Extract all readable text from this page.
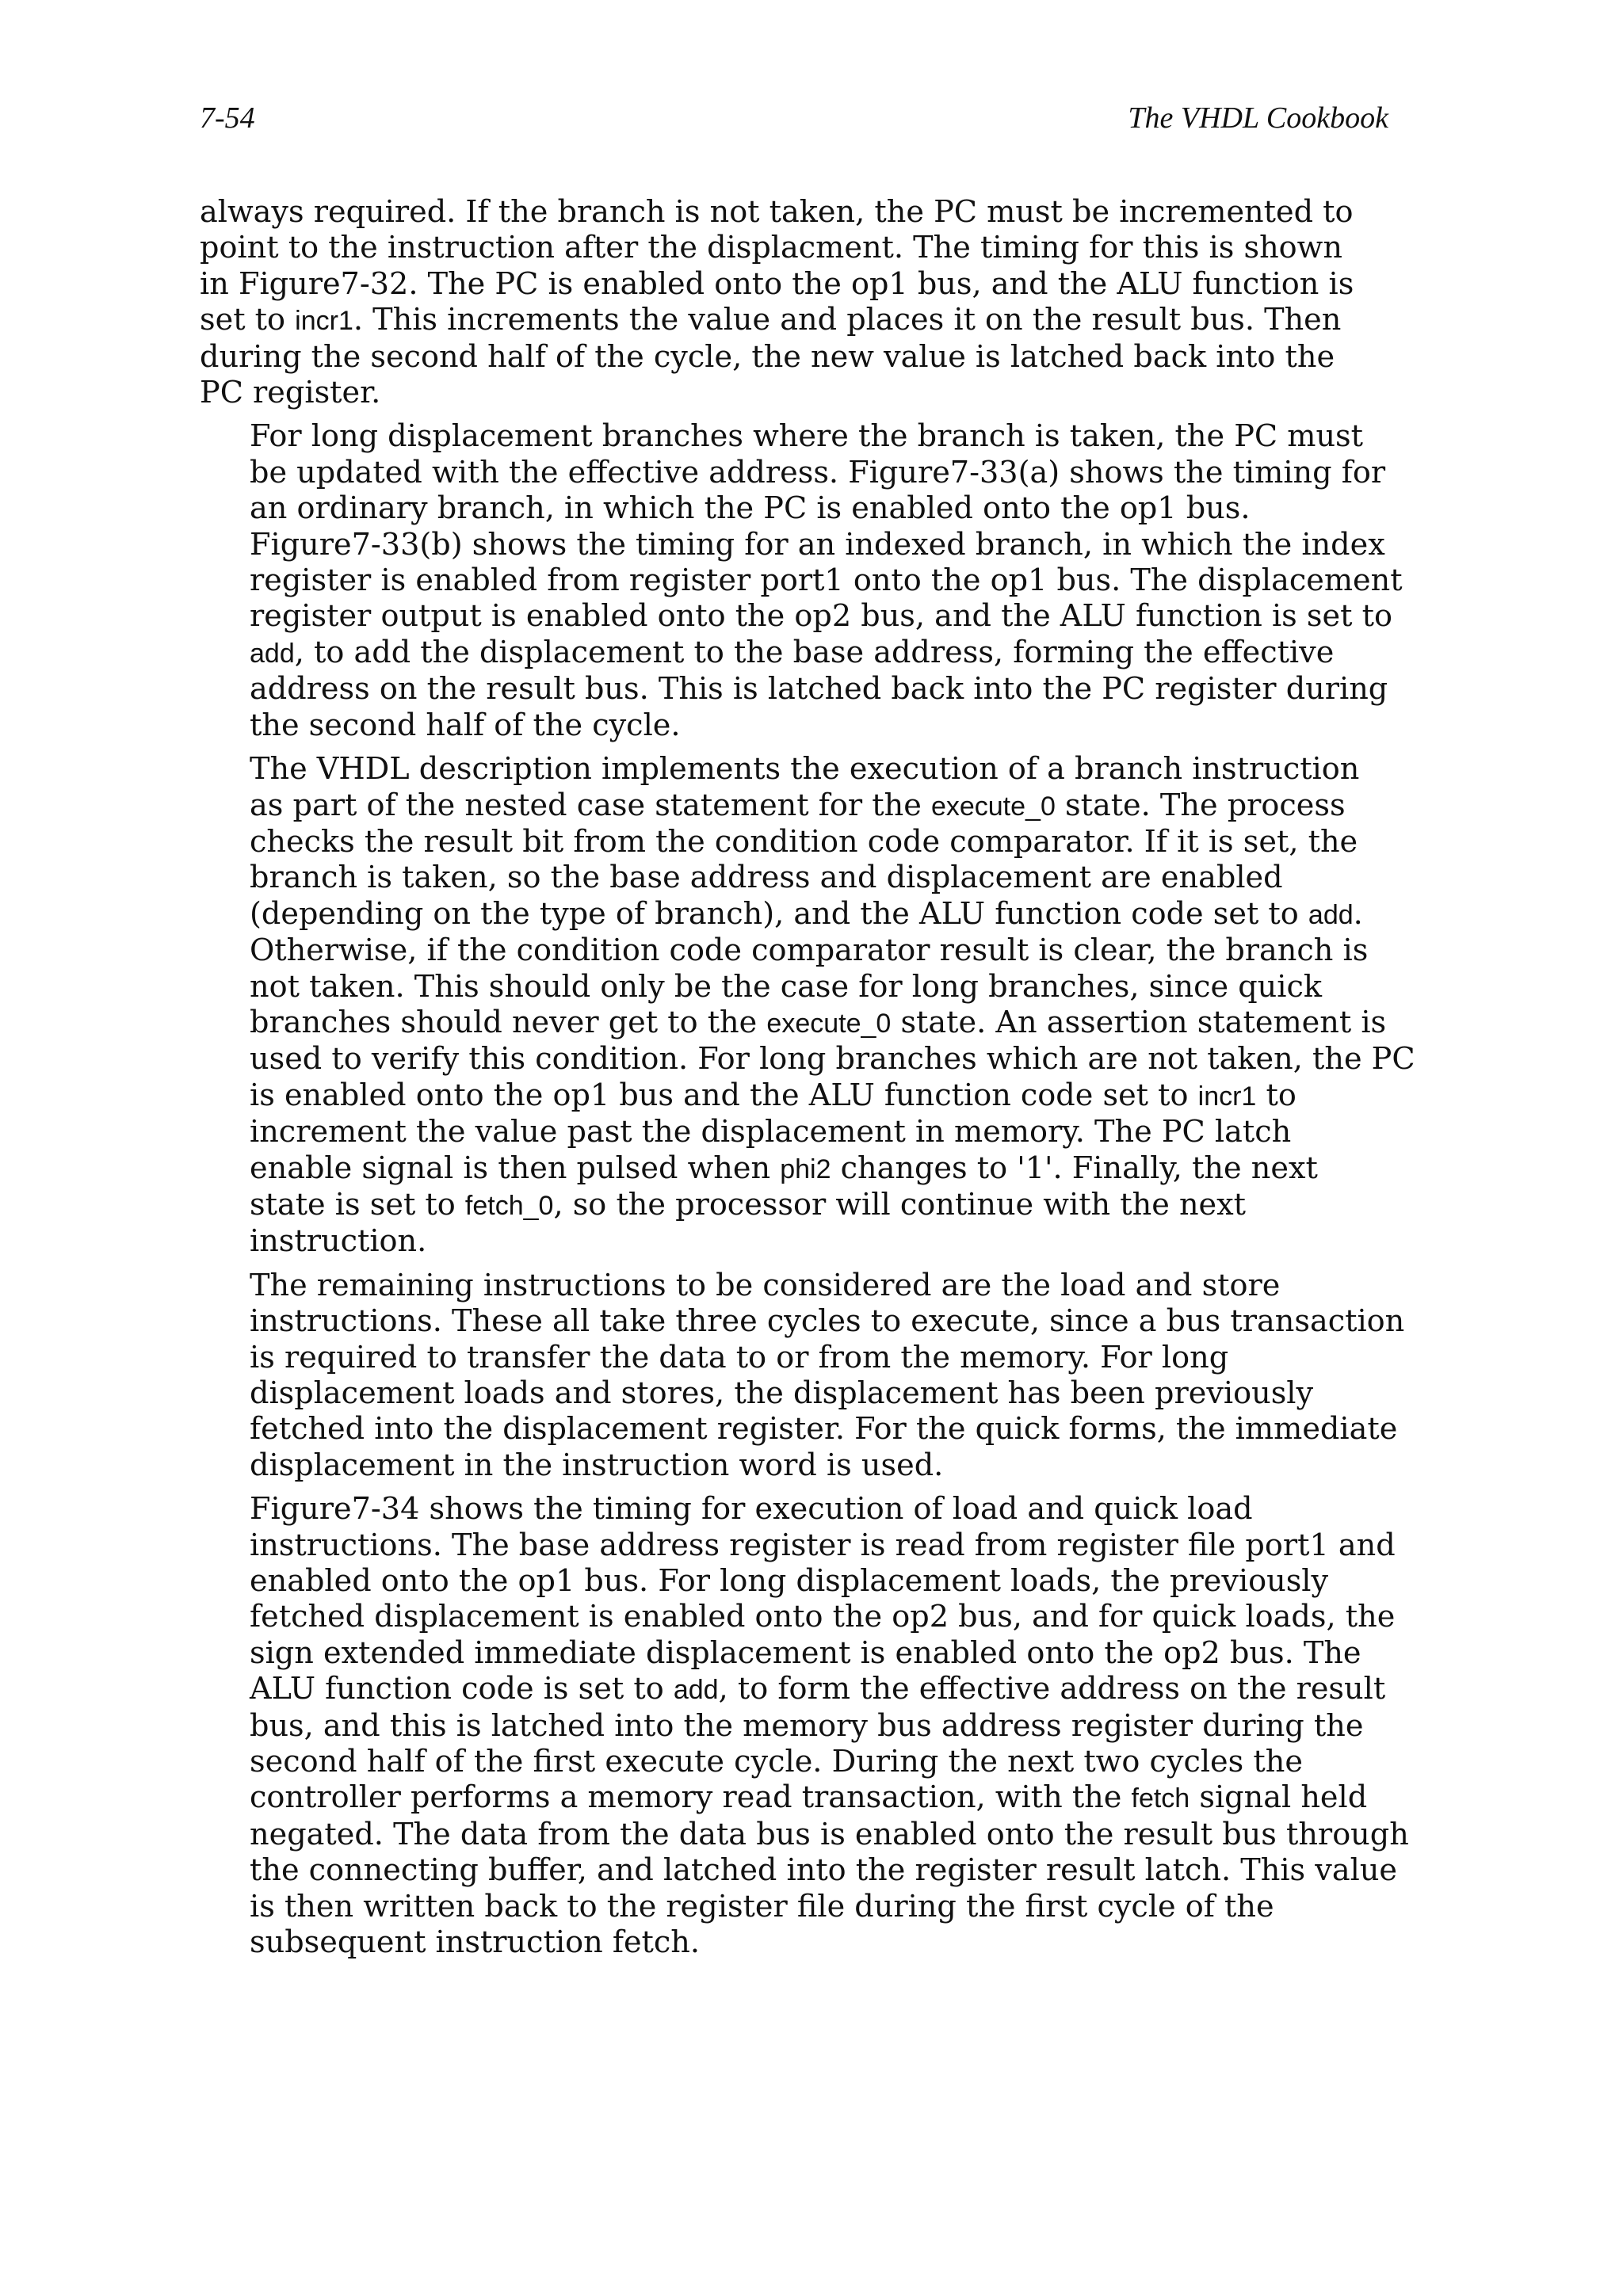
7-54	The VHDL Cookbook

always required. If the branch is not taken, the PC must be incremented to
point to the instruction after the displacment. The timing for this is shown
in Figure7-32. The PC is enabled onto the op1 bus, and the ALU function is
set to incr1. This increments the value and places it on the result bus. Then
during the second half of the cycle, the new value is latched back into the
PC register.

For long displacement branches where the branch is taken, the PC must
be updated with the effective address. Figure7-33(a) shows the timing for
an ordinary branch, in which the PC is enabled onto the op1 bus.
Figure7-33(b) shows the timing for an indexed branch, in which the index
register is enabled from register port1 onto the op1 bus. The displacement
register output is enabled onto the op2 bus, and the ALU function is set to
add, to add the displacement to the base address, forming the effective
address on the result bus. This is latched back into the PC register during
the second half of the cycle.

The VHDL description implements the execution of a branch instruction
as part of the nested case statement for the execute_0 state. The process
checks the result bit from the condition code comparator. If it is set, the
branch is taken, so the base address and displacement are enabled
(depending on the type of branch), and the ALU function code set to add.
Otherwise, if the condition code comparator result is clear, the branch is
not taken. This should only be the case for long branches, since quick
branches should never get to the execute_0 state. An assertion statement is
used to verify this condition. For long branches which are not taken, the PC
is enabled onto the op1 bus and the ALU function code set to incr1 to
increment the value past the displacement in memory. The PC latch
enable signal is then pulsed when phi2 changes to '1'. Finally, the next
state is set to fetch_0, so the processor will continue with the next
instruction.

The remaining instructions to be considered are the load and store
instructions. These all take three cycles to execute, since a bus transaction
is required to transfer the data to or from the memory. For long
displacement loads and stores, the displacement has been previously
fetched into the displacement register. For the quick forms, the immediate
displacement in the instruction word is used.

Figure7-34 shows the timing for execution of load and quick load
instructions. The base address register is read from register file port1 and
enabled onto the op1 bus. For long displacement loads, the previously
fetched displacement is enabled onto the op2 bus, and for quick loads, the
sign extended immediate displacement is enabled onto the op2 bus. The
ALU function code is set to add, to form the effective address on the result
bus, and this is latched into the memory bus address register during the
second half of the first execute cycle. During the next two cycles the
controller performs a memory read transaction, with the fetch signal held
negated. The data from the data bus is enabled onto the result bus through
the connecting buffer, and latched into the register result latch. This value
is then written back to the register file during the first cycle of the
subsequent instruction fetch.
